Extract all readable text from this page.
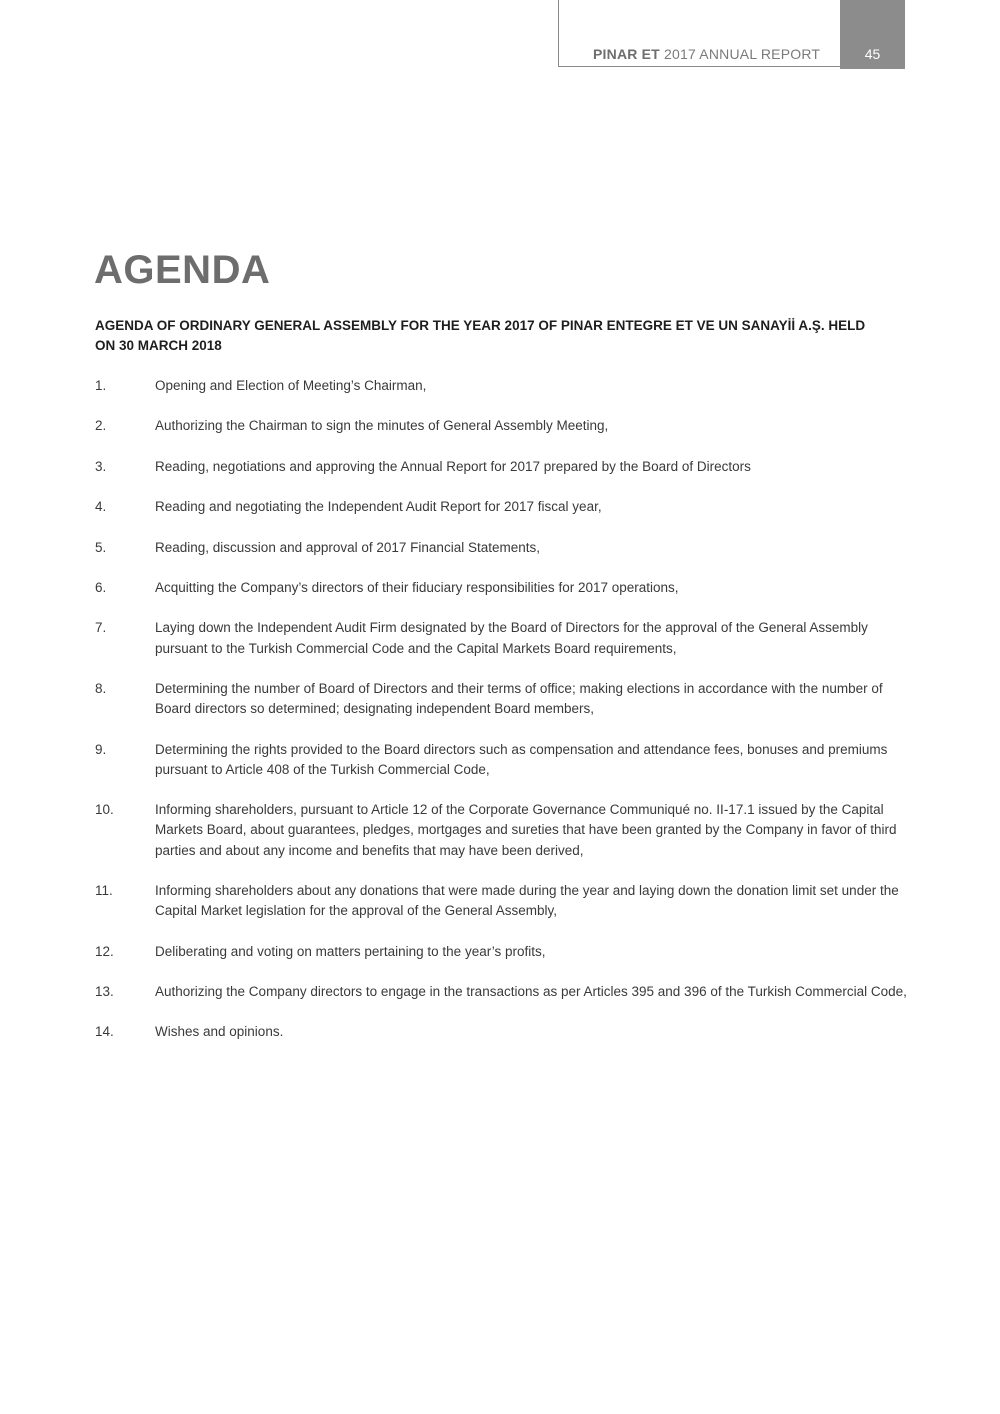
PINAR ET 2017 ANNUAL REPORT	45
AGENDA

AGENDA OF ORDINARY GENERAL ASSEMBLY FOR THE YEAR 2017 OF PINAR ENTEGRE ET VE UN SANAYİİ A.Ş. HELD ON 30 MARCH 2018

1.	Opening and Election of Meeting’s Chairman,
2.	Authorizing the Chairman to sign the minutes of General Assembly Meeting,
3.	Reading, negotiations and approving the Annual Report for 2017 prepared by the Board of Directors
4.	Reading and negotiating the Independent Audit Report for 2017 fiscal year,
5.	Reading, discussion and approval of 2017 Financial Statements,
6.	Acquitting the Company’s directors of their fiduciary responsibilities for 2017 operations,
7.	Laying down the Independent Audit Firm designated by the Board of Directors for the approval of the General Assembly pursuant to the Turkish Commercial Code and the Capital Markets Board requirements,
8.	Determining the number of Board of Directors and their terms of office; making elections in accordance with the number of Board directors so determined; designating independent Board members,
9.	Determining the rights provided to the Board directors such as compensation and attendance fees, bonuses and premiums pursuant to Article 408 of the Turkish Commercial Code,
10.	Informing shareholders, pursuant to Article 12 of the Corporate Governance Communiqué no. II-17.1 issued by the Capital Markets Board, about guarantees, pledges, mortgages and sureties that have been granted by the Company in favor of third parties and about any income and benefits that may have been derived,
11.	Informing shareholders about any donations that were made during the year and laying down the donation limit set under the Capital Market legislation for the approval of the General Assembly,
12.	Deliberating and voting on matters pertaining to the year’s profits,
13.	Authorizing the Company directors to engage in the transactions as per Articles 395 and 396 of the Turkish Commercial Code,
14.	Wishes and opinions.
